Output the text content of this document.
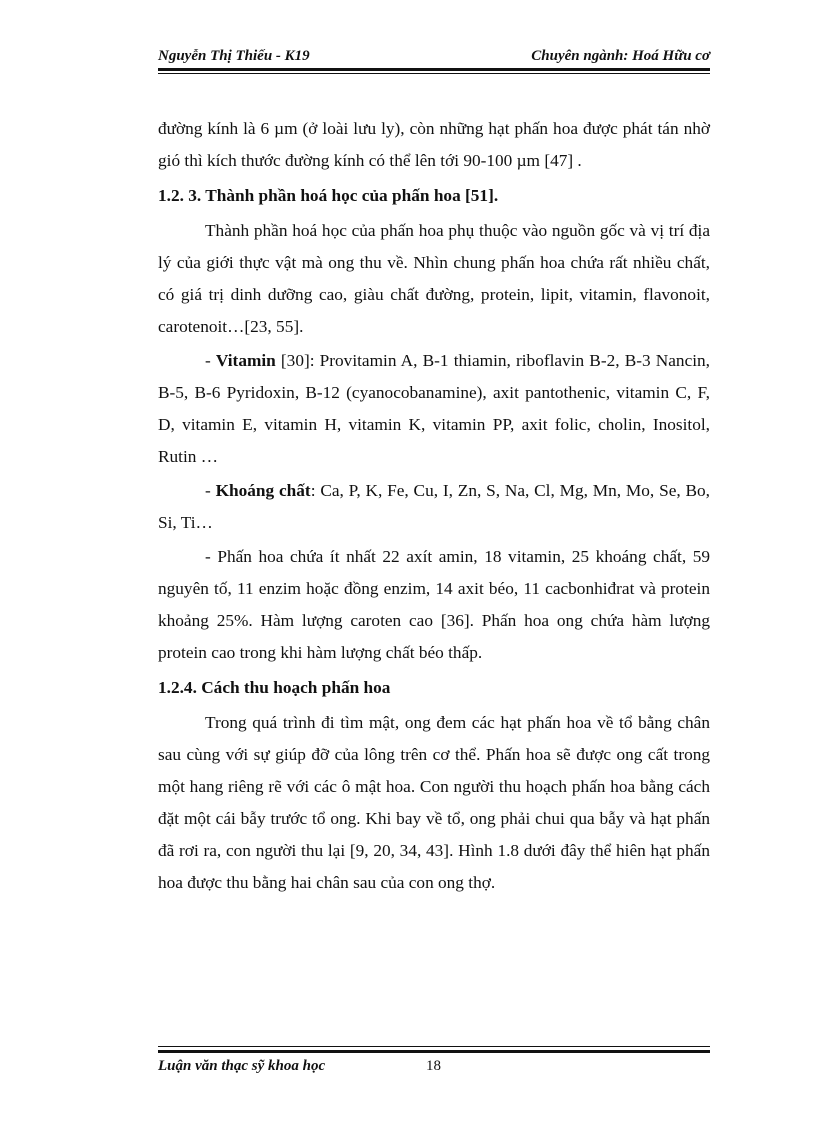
Nguyễn Thị Thiếu - K19	Chuyên ngành: Hoá Hữu cơ

đường kính là 6 µm (ở loài lưu ly), còn những hạt phấn hoa được phát tán nhờ gió thì kích thước đường kính có thể lên tới 90-100 µm [47] .

1.2. 3. Thành phần hoá học của phấn hoa [51].

Thành phần hoá học của phấn hoa phụ thuộc vào nguồn gốc và vị trí địa lý của giới thực vật mà ong thu về. Nhìn chung phấn hoa chứa rất nhiều chất, có giá trị dinh dưỡng cao, giàu chất đường, protein, lipit, vitamin, flavonoit, carotenoit…[23, 55].

- Vitamin [30]: Provitamin A, B-1 thiamin, riboflavin B-2, B-3 Nancin, B-5, B-6 Pyridoxin, B-12 (cyanocobanamine), axit pantothenic, vitamin C, F, D, vitamin E, vitamin H, vitamin K, vitamin PP, axit folic, cholin, Inositol, Rutin …

- Khoáng chất: Ca, P, K, Fe, Cu, I, Zn, S, Na, Cl, Mg, Mn, Mo, Se, Bo, Si, Ti…

- Phấn hoa chứa ít nhất 22 axít amin, 18 vitamin, 25 khoáng chất, 59 nguyên tố, 11 enzim hoặc đồng enzim, 14 axit béo, 11 cacbonhiđrat và protein khoảng 25%. Hàm lượng caroten cao [36]. Phấn hoa ong chứa hàm lượng protein cao trong khi hàm lượng chất béo thấp.

1.2.4. Cách thu hoạch phấn hoa

Trong quá trình đi tìm mật, ong đem các hạt phấn hoa về tổ bằng chân sau cùng với sự giúp đỡ của lông trên cơ thể. Phấn hoa sẽ được ong cất trong một hang riêng rẽ với các ô mật hoa. Con người thu hoạch phấn hoa bằng cách đặt một cái bẫy trước tổ ong. Khi bay về tổ, ong phải chui qua bẫy và hạt phấn đã rơi ra, con người thu lại [9, 20, 34, 43]. Hình 1.8 dưới đây thể hiên hạt phấn hoa được thu bằng hai chân sau của con ong thợ.

Luận văn thạc sỹ khoa học	18
